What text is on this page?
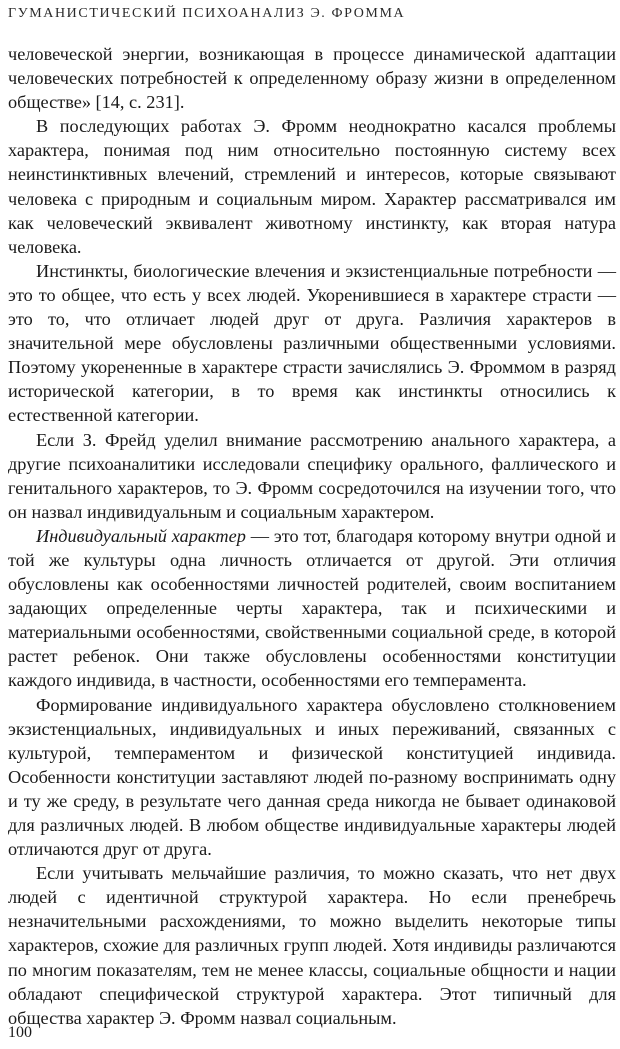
ГУМАНИСТИЧЕСКИЙ ПСИХОАНАЛИЗ Э. ФРОММА

человеческой энергии, возникающая в процессе динамической адаптации человеческих потребностей к определенному образу жизни в определенном обществе» [14, с. 231].

В последующих работах Э. Фромм неоднократно касался проблемы характера, понимая под ним относительно постоянную систему всех неинстинктивных влечений, стремлений и интересов, которые связывают человека с природным и социальным миром. Характер рассматривался им как человеческий эквивалент животному инстинкту, как вторая натура человека.

Инстинкты, биологические влечения и экзистенциальные потребности — это то общее, что есть у всех людей. Укоренившиеся в характере страсти — это то, что отличает людей друг от друга. Различия характеров в значительной мере обусловлены различными общественными условиями. Поэтому укорененные в характере страсти зачислялись Э. Фроммом в разряд исторической категории, в то время как инстинкты относились к естественной категории.

Если З. Фрейд уделил внимание рассмотрению анального характера, а другие психоаналитики исследовали специфику орального, фаллического и генитального характеров, то Э. Фромм сосредоточился на изучении того, что он назвал индивидуальным и социальным характером.

Индивидуальный характер — это тот, благодаря которому внутри одной и той же культуры одна личность отличается от другой. Эти отличия обусловлены как особенностями личностей родителей, своим воспитанием задающих определенные черты характера, так и психическими и материальными особенностями, свойственными социальной среде, в которой растет ребенок. Они также обусловлены особенностями конституции каждого индивида, в частности, особенностями его темперамента.

Формирование индивидуального характера обусловлено столкновением экзистенциальных, индивидуальных и иных переживаний, связанных с культурой, темпераментом и физической конституцией индивида. Особенности конституции заставляют людей по-разному воспринимать одну и ту же среду, в результате чего данная среда никогда не бывает одинаковой для различных людей. В любом обществе индивидуальные характеры людей отличаются друг от друга.

Если учитывать мельчайшие различия, то можно сказать, что нет двух людей с идентичной структурой характера. Но если пренебречь незначительными расхождениями, то можно выделить некоторые типы характеров, схожие для различных групп людей. Хотя индивиды различаются по многим показателям, тем не менее классы, социальные общности и нации обладают специфической структурой характера. Этот типичный для общества характер Э. Фромм назвал социальным.

100
